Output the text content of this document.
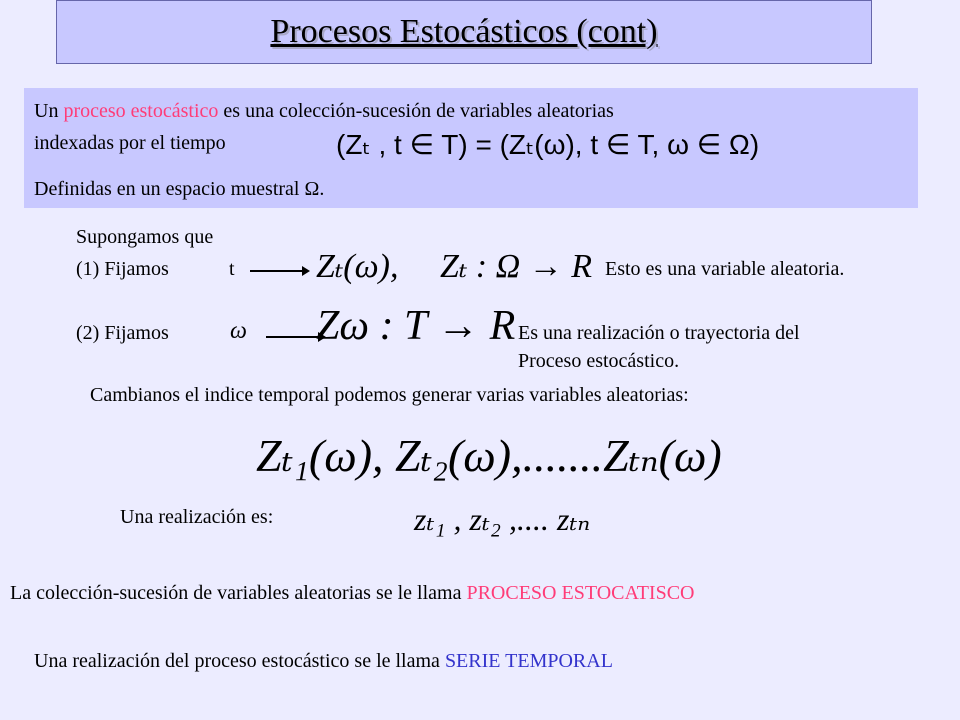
Procesos Estocásticos (cont)
Un proceso estocástico es una colección-sucesión de variables aleatorias
indexadas por el tiempo	(Zₜ , t ∈ T) = (Zₜ(ω), t ∈ T, ω ∈ Ω)
Definidas en un espacio muestral Ω.
Supongamos que
(1) Fijamos	t Zₜ(ω), Zₜ : Ω → R Esto es una variable aleatoria.
(2) Fijamos	ω Zω : T → R Es una realización o trayectoria del
Proceso estocástico.
Cambianos el indice temporal podemos generar varias variables aleatorias:
Zₜ₁(ω), Zₜ₂(ω),.......Zₜₙ(ω)
Una realización es:	zₜ₁ , zₜ₂ ,.... zₜₙ
La colección-sucesión de variables aleatorias se le llama PROCESO ESTOCATISCO
Una realización del proceso estocástico se le llama SERIE TEMPORAL
